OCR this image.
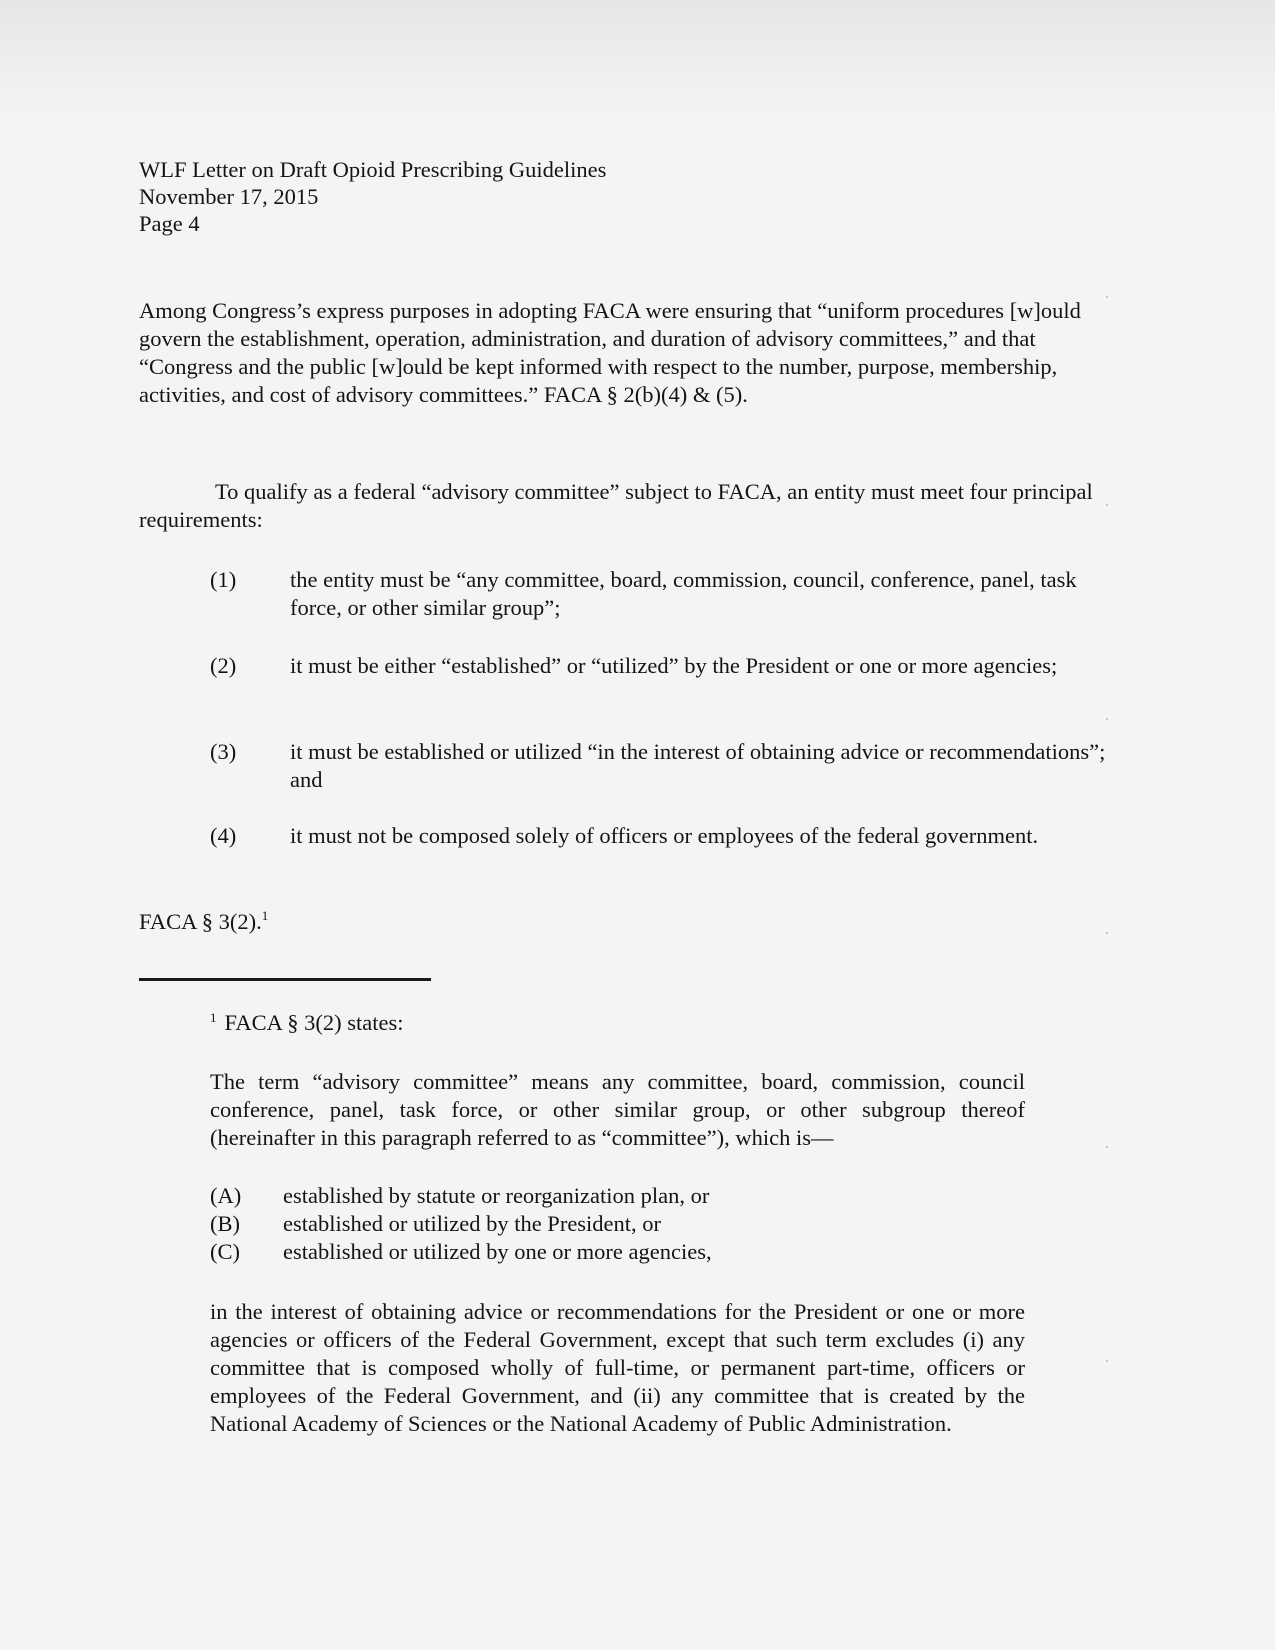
WLF Letter on Draft Opioid Prescribing Guidelines
November 17, 2015
Page 4

Among Congress’s express purposes in adopting FACA were ensuring that “uniform procedures [w]ould govern the establishment, operation, administration, and duration of advisory committees,” and that “Congress and the public [w]ould be kept informed with respect to the number, purpose, membership, activities, and cost of advisory committees.” FACA § 2(b)(4) & (5).

To qualify as a federal “advisory committee” subject to FACA, an entity must meet four principal requirements:

(1)	the entity must be “any committee, board, commission, council, conference, panel, task force, or other similar group”;
(2)	it must be either “established” or “utilized” by the President or one or more agencies;
(3)	it must be established or utilized “in the interest of obtaining advice or recommendations”; and
(4)	it must not be composed solely of officers or employees of the federal government.
FACA § 3(2).$^1$
$^1$ FACA § 3(2) states:
The term “advisory committee” means any committee, board, commission, council conference, panel, task force, or other similar group, or other subgroup thereof (hereinafter in this paragraph referred to as “committee”), which is—
(A) established by statute or reorganization plan, or
(B) established or utilized by the President, or
(C) established or utilized by one or more agencies,
in the interest of obtaining advice or recommendations for the President or one or more agencies or officers of the Federal Government, except that such term excludes (i) any committee that is composed wholly of full-time, or permanent part-time, officers or employees of the Federal Government, and (ii) any committee that is created by the National Academy of Sciences or the National Academy of Public Administration.
